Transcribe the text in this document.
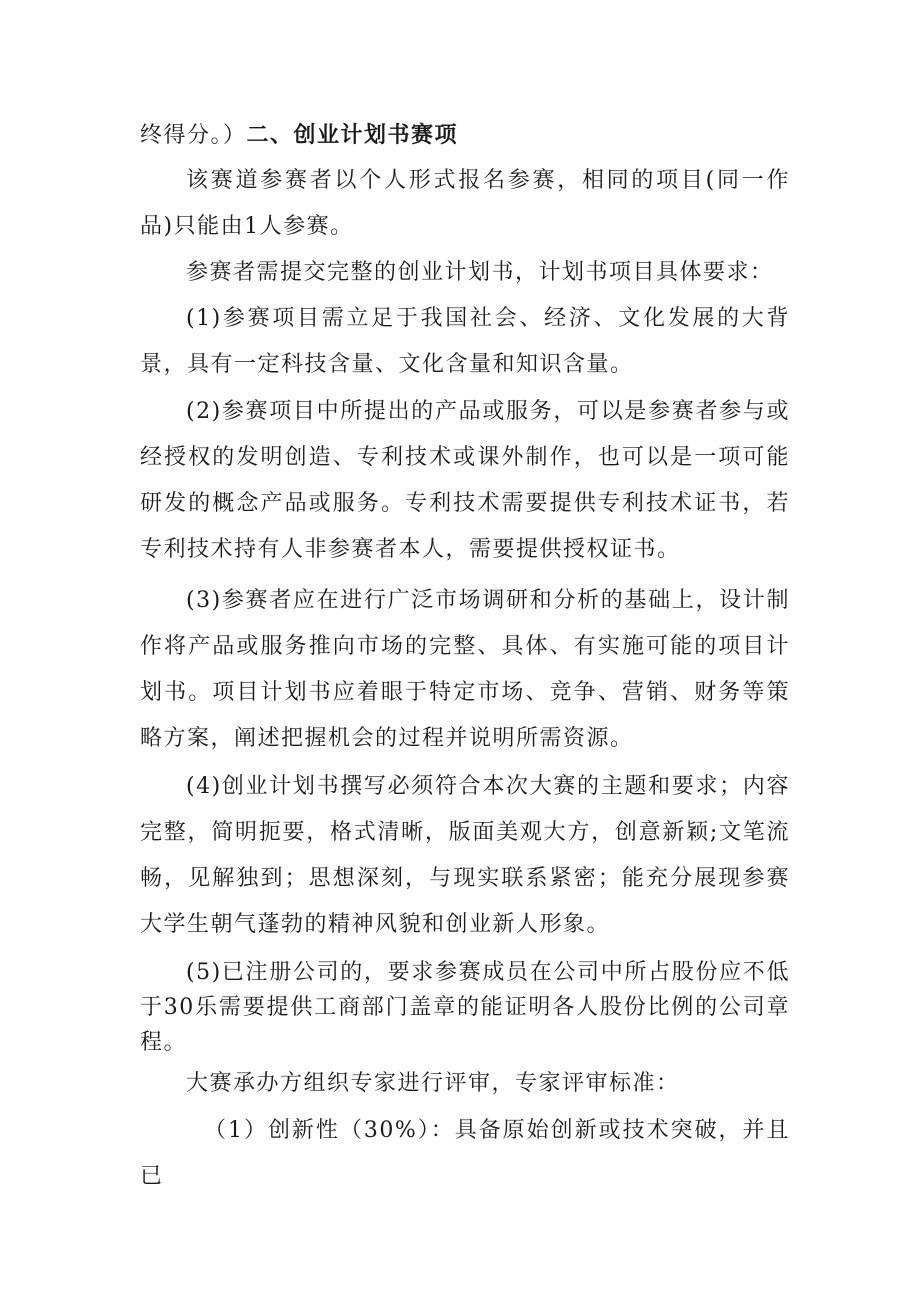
终得分。）二、创业计划书赛项

该赛道参赛者以个人形式报名参赛，相同的项目(同一作品)只能由1人参赛。

参赛者需提交完整的创业计划书，计划书项目具体要求：

(1)参赛项目需立足于我国社会、经济、文化发展的大背景，具有一定科技含量、文化含量和知识含量。

(2)参赛项目中所提出的产品或服务，可以是参赛者参与或经授权的发明创造、专利技术或课外制作，也可以是一项可能研发的概念产品或服务。专利技术需要提供专利技术证书，若专利技术持有人非参赛者本人，需要提供授权证书。

(3)参赛者应在进行广泛市场调研和分析的基础上，设计制作将产品或服务推向市场的完整、具体、有实施可能的项目计划书。项目计划书应着眼于特定市场、竞争、营销、财务等策略方案，阐述把握机会的过程并说明所需资源。

(4)创业计划书撰写必须符合本次大赛的主题和要求；内容完整，简明扼要，格式清晰，版面美观大方，创意新颖;文笔流畅，见解独到；思想深刻，与现实联系紧密；能充分展现参赛大学生朝气蓬勃的精神风貌和创业新人形象。

(5)已注册公司的，要求参赛成员在公司中所占股份应不低于30乐需要提供工商部门盖章的能证明各人股份比例的公司章程。

大赛承办方组织专家进行评审，专家评审标准：

（1）创新性（30%）：具备原始创新或技术突破，并且已
